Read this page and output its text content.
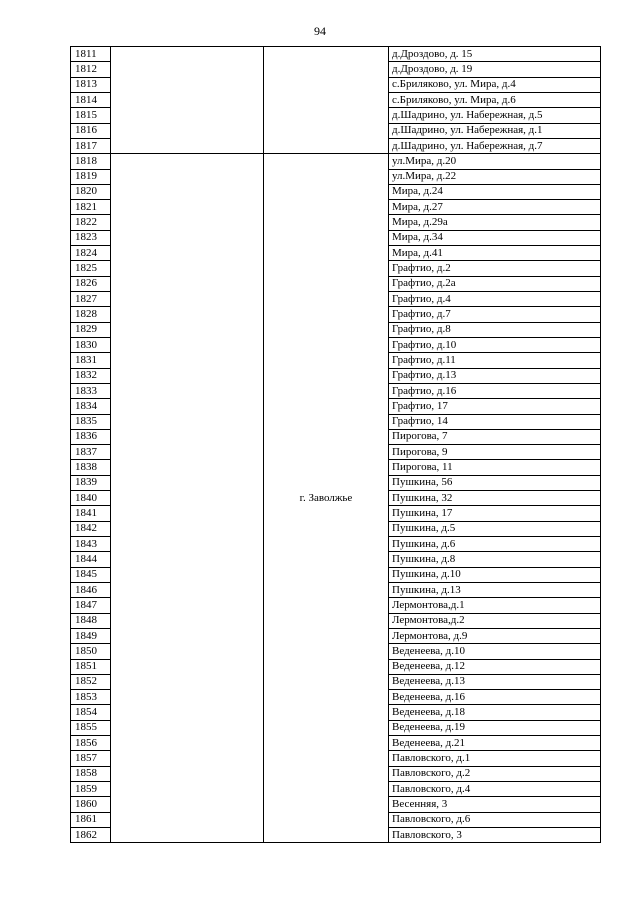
94
1811			д.Дроздово, д. 15
1812			д.Дроздово, д. 19
1813			с.Бриляково, ул. Мира, д.4
1814			с.Бриляково, ул. Мира, д.6
1815			д.Шадрино, ул. Набережная, д.5
1816			д.Шадрино, ул. Набережная, д.1
1817			д.Шадрино, ул. Набережная, д.7
1818		г. Заволжье	ул.Мира, д.20
1819			ул.Мира, д.22
1820			Мира, д.24
1821			Мира, д.27
1822			Мира, д.29а
1823			Мира, д.34
1824			Мира, д.41
1825			Графтио, д.2
1826			Графтио, д.2а
1827			Графтио, д.4
1828			Графтио, д.7
1829			Графтио, д.8
1830			Графтио, д.10
1831			Графтио, д.11
1832			Графтио, д.13
1833			Графтио, д.16
1834			Графтио, 17
1835			Графтио, 14
1836			Пирогова, 7
1837			Пирогова, 9
1838			Пирогова, 11
1839			Пушкина, 56
1840			Пушкина, 32
1841			Пушкина, 17
1842			Пушкина, д.5
1843			Пушкина, д.6
1844			Пушкина, д.8
1845			Пушкина, д.10
1846			Пушкина, д.13
1847			Лермонтова,д.1
1848			Лермонтова,д.2
1849			Лермонтова, д.9
1850			Веденеева, д.10
1851			Веденеева, д.12
1852			Веденеева, д.13
1853			Веденеева, д.16
1854			Веденеева, д.18
1855			Веденеева, д.19
1856			Веденеева, д.21
1857			Павловского, д.1
1858			Павловского, д.2
1859			Павловского, д.4
1860			Весенняя, 3
1861			Павловского, д.6
1862			Павловского, 3
